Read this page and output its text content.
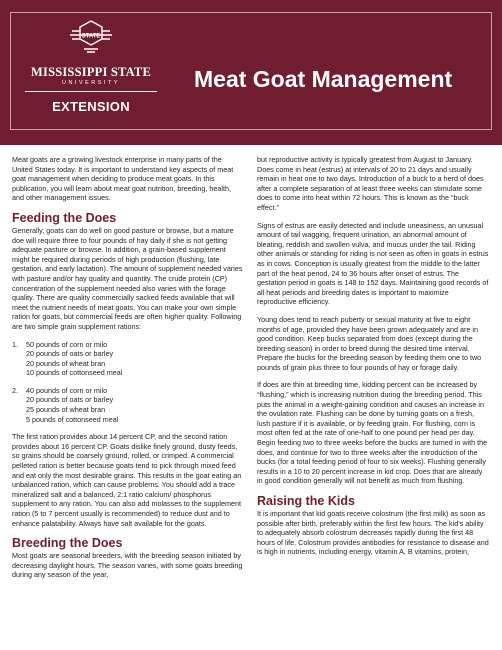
STATE
MISSISSIPPI STATE
UNIVERSITY
EXTENSION
Meat Goat Management

Meat goats are a growing livestock enterprise in many parts of the United States today. It is important to understand key aspects of meat goat management when deciding to produce meat goats. In this publication, you will learn about meat goat nutrition, breeding, health, and other management issues.

Feeding the Does

Generally, goats can do well on good pasture or browse, but a mature doe will require three to four pounds of hay daily if she is not getting adequate pasture or browse. In addition, a grain-based supplement might be required during periods of high production (flushing, late gestation, and early lactation). The amount of supplement needed varies with pasture and/or hay quality and quantity. The crude protein (CP) concentration of the supplement needed also varies with the forage quality. There are quality commercially sacked feeds available that will meet the nutrient needs of meat goats. You can make your own simple ration for goats, but commercial feeds are often higher quality. Following are two simple grain supplement rations:

1. 50 pounds of corn or milo
20 pounds of oats or barley
20 pounds of wheat bran
10 pounds of cottonseed meal
2. 40 pounds of corn or milo
20 pounds of oats or barley
25 pounds of wheat bran
5 pounds of cottonseed meal

The first ration provides about 14 percent CP, and the second ration provides about 16 percent CP. Goats dislike finely ground, dusty feeds, so grains should be coarsely ground, rolled, or crimped. A commercial pelleted ration is better because goats tend to pick through mixed feed and eat only the most desirable grains. This results in the goat eating an unbalanced ration, which can cause problems. You should add a trace mineralized salt and a balanced, 2:1 ratio calcium/ phosphorus supplement to any ration. You can also add molasses to the supplement ration (5 to 7 percent usually is recommended) to reduce dust and to enhance palatability. Always have salt available for the goats.

Breeding the Does

Most goats are seasonal breeders, with the breeding season initiated by decreasing daylight hours. The season varies, with some goats breeding during any season of the year,

but reproductive activity is typically greatest from August to January. Does come in heat (estrus) at intervals of 20 to 21 days and usually remain in heat one to two days. Introduction of a buck to a herd of does after a complete separation of at least three weeks can stimulate some does to come into heat within 72 hours. This is known as the “buck effect.”

Signs of estrus are easily detected and include uneasiness, an unusual amount of tail wagging, frequent urination, an abnormal amount of bleating, reddish and swollen vulva, and mucus under the tail. Riding other animals or standing for riding is not seen as often in goats in estrus as in cows. Conception is usually greatest from the middle to the latter part of the heat period, 24 to 36 hours after onset of estrus. The gestation period in goats is 148 to 152 days. Maintaining good records of all heat periods and breeding dates is important to maximize reproductive efficiency.

Young does tend to reach puberty or sexual maturity at five to eight months of age, provided they have been grown adequately and are in good condition. Keep bucks separated from does (except during the breeding season) in order to breed during the desired time interval. Prepare the bucks for the breeding season by feeding them one to two pounds of grain plus three to four pounds of hay or forage daily.

If does are thin at breeding time, kidding percent can be increased by “flushing,” which is increasing nutrition during the breeding period. This puts the animal in a weight-gaining condition and causes an increase in the ovulation rate. Flushing can be done by turning goats on a fresh, lush pasture if it is available, or by feeding grain. For flushing, corn is most often fed at the rate of one-half to one pound per head per day. Begin feeding two to three weeks before the bucks are turned in with the does, and continue for two to three weeks after the introduction of the bucks (for a total feeding period of four to six weeks). Flushing generally results in a 10 to 20 percent increase in kid crop. Does that are already in good condition generally will not benefit as much from flushing.

Raising the Kids

It is important that kid goats receive colostrum (the first milk) as soon as possible after birth, preferably within the first few hours. The kid’s ability to adequately absorb colostrum decreases rapidly during the first 48 hours of life. Colostrum provides antibodies for resistance to disease and is high in nutrients, including energy, vitamin A, B vitamins, protein,
